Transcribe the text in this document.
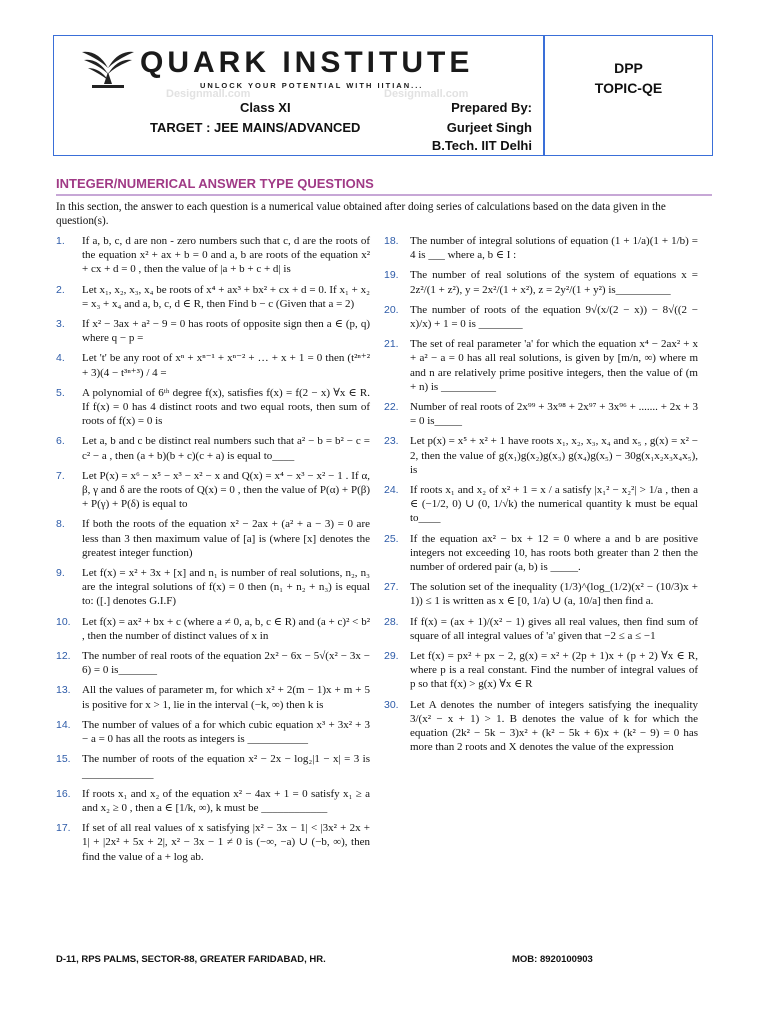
QUARK INSTITUTE
UNLOCK YOUR POTENTIAL WITH IITIAN...
Designmall.com	Designmall.com
Class XI
TARGET : JEE MAINS/ADVANCED
Prepared By:
Gurjeet Singh
B.Tech. IIT Delhi
DPP
TOPIC-QE
INTEGER/NUMERICAL ANSWER TYPE QUESTIONS
In this section, the answer to each question is a numerical value obtained after doing series of calculations based on the data given in the question(s).
1.	If a, b, c, d are non - zero numbers such that c, d are the roots of the equation x² + ax + b = 0 and a, b are roots of the equation x² + cx + d = 0 , then the value of |a + b + c + d| is
2.	Let x₁, x₂, x₃, x₄ be roots of x⁴ + ax³ + bx² + cx + d = 0. If x₁ + x₂ = x₃ + x₄ and a, b, c, d ∈ R, then Find b − c (Given that a = 2)
3.	If x² − 3ax + a² − 9 = 0 has roots of opposite sign then a ∈ (p, q) where q − p =
4.	Let 't' be any root of xⁿ + xⁿ⁻¹ + xⁿ⁻² + … + x + 1 = 0 then (t²ⁿ⁺² + 3)(4 − t³ⁿ⁺³) / 4 =
5.	A polynomial of 6ᵗʰ degree f(x), satisfies f(x) = f(2 − x) ∀x ∈ R. If f(x) = 0 has 4 distinct roots and two equal roots, then sum of roots of f(x) = 0 is
6.	Let a, b and c be distinct real numbers such that a² − b = b² − c = c² − a , then (a + b)(b + c)(c + a) is equal to____
7.	Let P(x) = x⁶ − x⁵ − x³ − x² − x and Q(x) = x⁴ − x³ − x² − 1 . If α, β, γ and δ are the roots of Q(x) = 0 , then the value of P(α) + P(β) + P(γ) + P(δ) is equal to
8.	If both the roots of the equation x² − 2ax + (a² + a − 3) = 0 are less than 3 then maximum value of [a] is (where [x] denotes the greatest integer function)
9.	Let f(x) = x² + 3x + [x] and n₁ is number of real solutions, n₂, n₃ are the integral solutions of f(x) = 0 then (n₁ + n₂ + n₃) is equal to: ([.] denotes G.I.F)
10.	Let f(x) = ax² + bx + c (where a ≠ 0, a, b, c ∈ R) and (a + c)² < b² , then the number of distinct values of x in
12.	The number of real roots of the equation 2x² − 6x − 5√(x² − 3x − 6) = 0 is_______
13.	All the values of parameter m, for which x² + 2(m − 1)x + m + 5 is positive for x > 1, lie in the interval (−k, ∞) then k is
14.	The number of values of a for which cubic equation x³ + 3x² + 3 − a = 0 has all the roots as integers is ___________
15.	The number of roots of the equation x² − 2x − log₂|1 − x| = 3 is _____________
16.	If roots x₁ and x₂ of the equation x² − 4ax + 1 = 0 satisfy x₁ ≥ a and x₂ ≥ 0 , then a ∈ [1/k, ∞), k must be ____________
17.	If set of all real values of x satisfying |x² − 3x − 1| < |3x² + 2x + 1| + |2x² + 5x + 2|, x² − 3x − 1 ≠ 0 is (−∞, −a) ∪ (−b, ∞), then find the value of a + log ab.
18.	The number of integral solutions of equation (1 + 1/a)(1 + 1/b) = 4 is ___ where a, b ∈ I :
19.	The number of real solutions of the system of equations x = 2z²/(1 + z²), y = 2x²/(1 + x²), z = 2y²/(1 + y²) is__________
20.	The number of roots of the equation 9√(x/(2 − x)) − 8√((2 − x)/x) + 1 = 0 is ________
21.	The set of real parameter 'a' for which the equation x⁴ − 2ax² + x + a² − a = 0 has all real solutions, is given by [m/n, ∞) where m and n are relatively prime positive integers, then the value of (m + n) is __________
22.	Number of real roots of 2x⁹⁹ + 3x⁹⁸ + 2x⁹⁷ + 3x⁹⁶ + ....... + 2x + 3 = 0 is_____
23.	Let p(x) = x⁵ + x² + 1 have roots x₁, x₂, x₃, x₄ and x₅ , g(x) = x² − 2, then the value of g(x₁)g(x₂)g(x₃) g(x₄)g(x₅) − 30g(x₁x₂x₃x₄x₅), is
24.	If roots x₁ and x₂ of x² + 1 = x / a satisfy |x₁² − x₂²| > 1/a , then a ∈ (−1/2, 0) ∪ (0, 1/√k) the numerical quantity k must be equal to____
25.	If the equation ax² − bx + 12 = 0 where a and b are positive integers not exceeding 10, has roots both greater than 2 then the number of ordered pair (a, b) is _____.
27.	The solution set of the inequality (1/3)^(log_(1/2)(x² − (10/3)x + 1)) ≤ 1 is written as x ∈ [0, 1/a) ∪ (a, 10/a] then find a.
28.	If f(x) = (ax + 1)/(x² − 1) gives all real values, then find sum of square of all integral values of 'a' given that −2 ≤ a ≤ −1
29.	Let f(x) = px² + px − 2, g(x) = x² + (2p + 1)x + (p + 2) ∀x ∈ R, where p is a real constant. Find the number of integral values of p so that f(x) > g(x) ∀x ∈ R
30.	Let A denotes the number of integers satisfying the inequality 3/(x² − x + 1) > 1. B denotes the value of k for which the equation (2k² − 5k − 3)x² + (k² − 5k + 6)x + (k² − 9) = 0 has more than 2 roots and X denotes the value of the expression
D-11, RPS PALMS, SECTOR-88, GREATER FARIDABAD, HR.	MOB: 8920100903
